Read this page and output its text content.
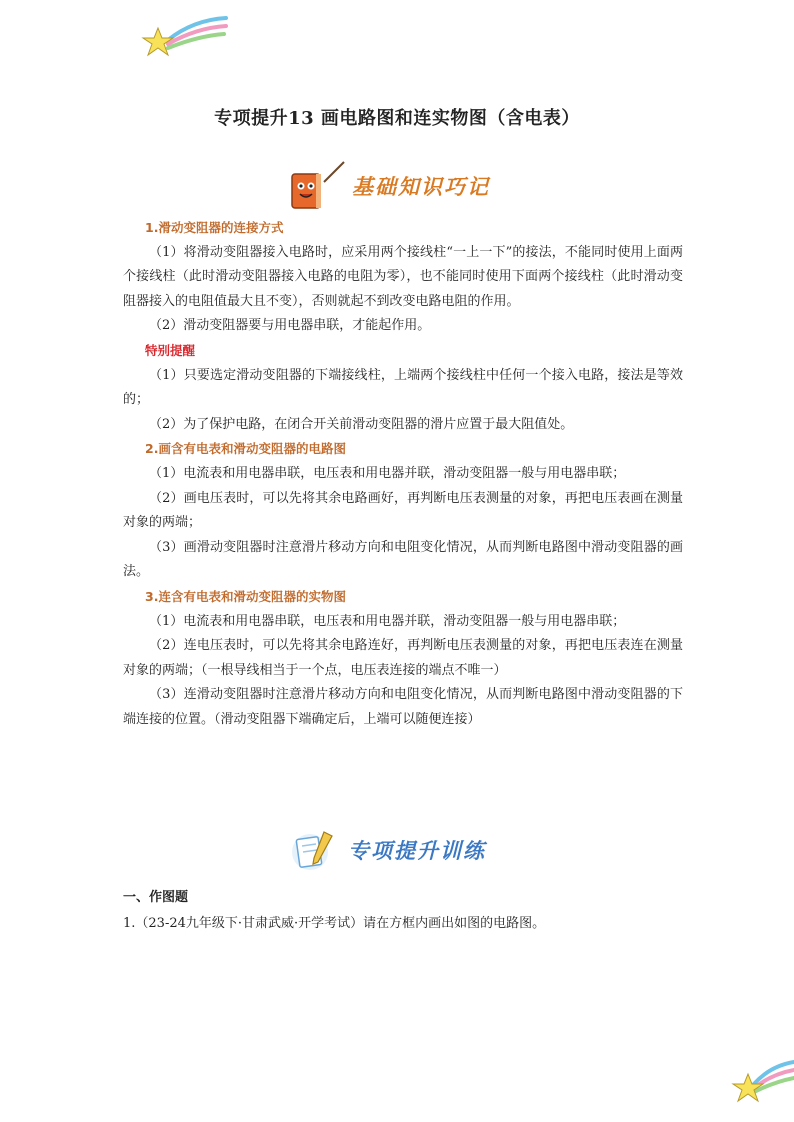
专项提升13 画电路图和连实物图（含电表）
基础知识巧记

1.滑动变阻器的连接方式

（1）将滑动变阻器接入电路时，应采用两个接线柱“一上一下”的接法，不能同时使用上面两个接线柱（此时滑动变阻器接入电路的电阻为零），也不能同时使用下面两个接线柱（此时滑动变阻器接入的电阻值最大且不变），否则就起不到改变电路电阻的作用。

（2）滑动变阻器要与用电器串联，才能起作用。

特别提醒

（1）只要选定滑动变阻器的下端接线柱，上端两个接线柱中任何一个接入电路，接法是等效的；

（2）为了保护电路，在闭合开关前滑动变阻器的滑片应置于最大阻值处。

2.画含有电表和滑动变阻器的电路图

（1）电流表和用电器串联，电压表和用电器并联，滑动变阻器一般与用电器串联；

（2）画电压表时，可以先将其余电路画好，再判断电压表测量的对象，再把电压表画在测量对象的两端；

（3）画滑动变阻器时注意滑片移动方向和电阻变化情况，从而判断电路图中滑动变阻器的画法。

3.连含有电表和滑动变阻器的实物图

（1）电流表和用电器串联，电压表和用电器并联，滑动变阻器一般与用电器串联；

（2）连电压表时，可以先将其余电路连好，再判断电压表测量的对象，再把电压表连在测量对象的两端；（一根导线相当于一个点，电压表连接的端点不唯一）

（3）连滑动变阻器时注意滑片移动方向和电阻变化情况，从而判断电路图中滑动变阻器的下端连接的位置。（滑动变阻器下端确定后，上端可以随便连接）

专项提升训练
一、作图题
1.（23-24九年级下·甘肃武威·开学考试）请在方框内画出如图的电路图。
